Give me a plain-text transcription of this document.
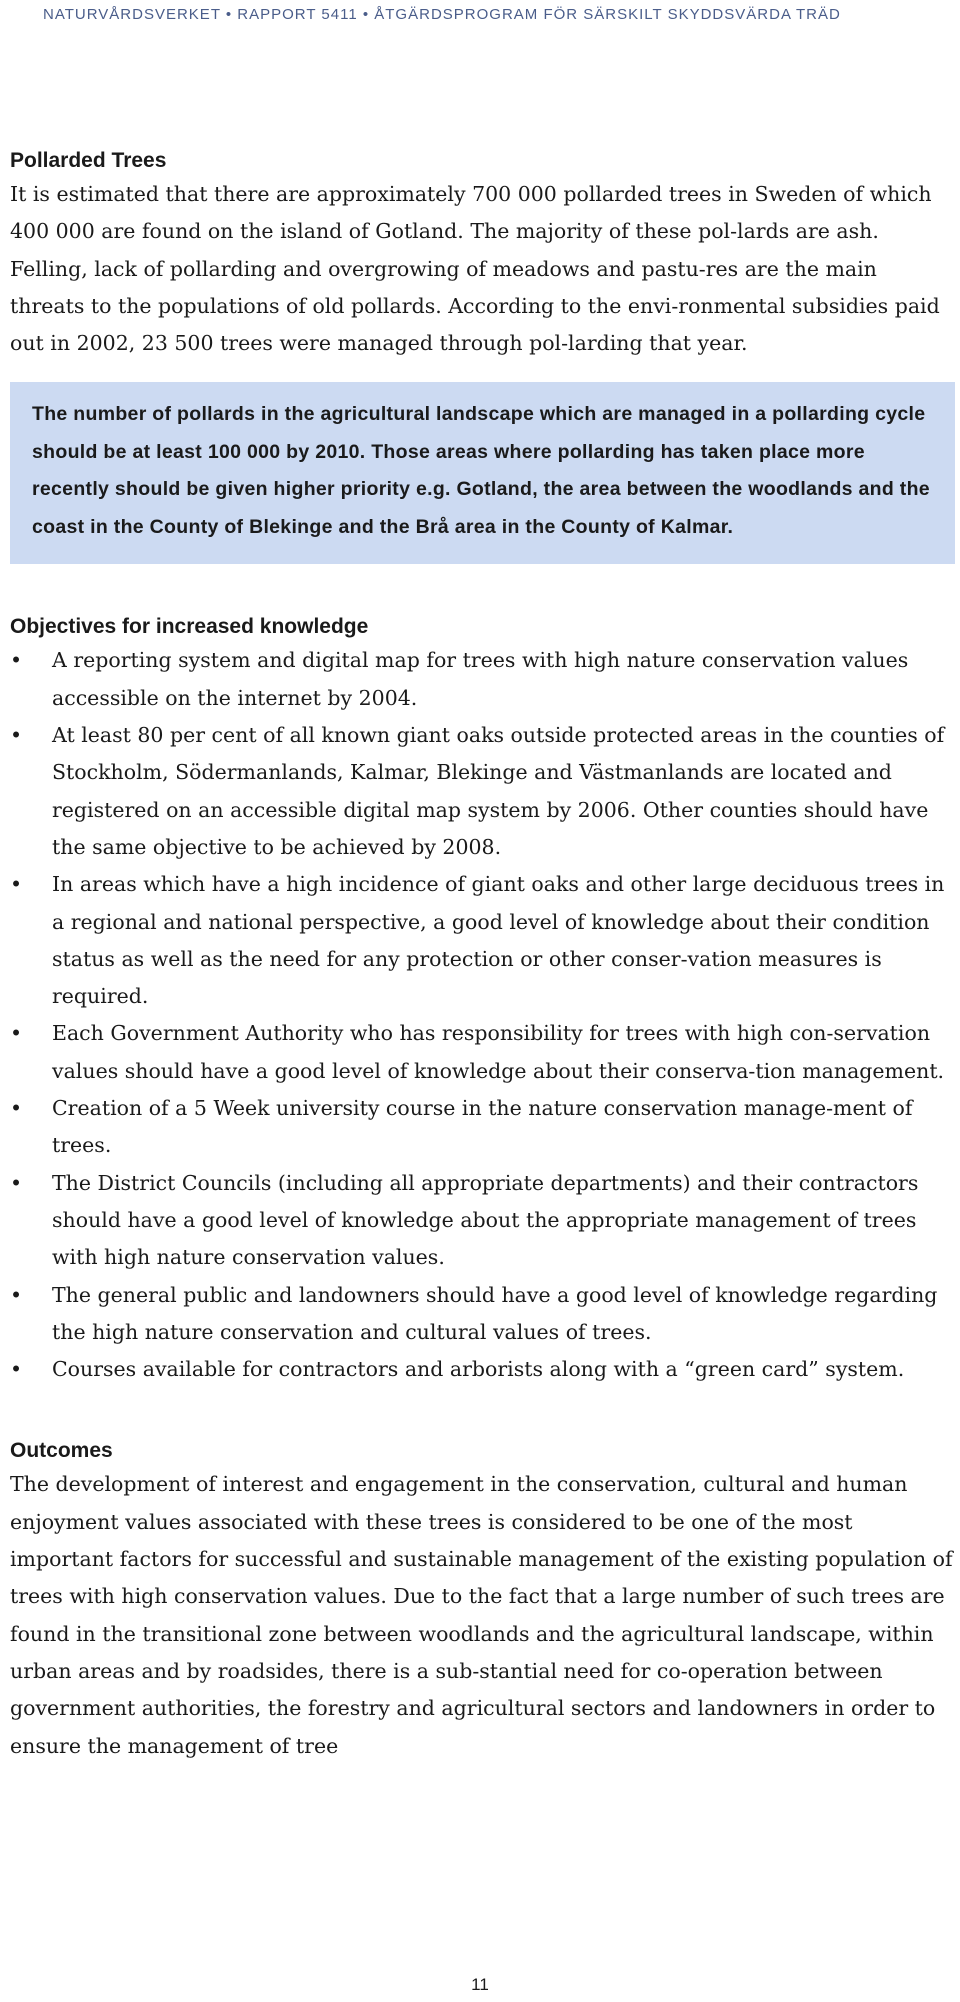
NATURVÅRDSVERKET • RAPPORT 5411 • ÅTGÄRDSPROGRAM FÖR SÄRSKILT SKYDDSVÄRDA TRÄD
Pollarded Trees

It is estimated that there are approximately 700 000 pollarded trees in Sweden of which 400 000 are found on the island of Gotland. The majority of these pol-lards are ash. Felling, lack of pollarding and overgrowing of meadows and pastu-res are the main threats to the populations of old pollards. According to the envi-ronmental subsidies paid out in 2002, 23 500 trees were managed through pol-larding that year.

The number of pollards in the agricultural landscape which are managed in a pollarding cycle should be at least 100 000 by 2010. Those areas where pollarding has taken place more recently should be given higher priority e.g. Gotland, the area between the woodlands and the coast in the County of Blekinge and the Brå area in the County of Kalmar.

Objectives for increased knowledge
• A reporting system and digital map for trees with high nature conservation values accessible on the internet by 2004.
• At least 80 per cent of all known giant oaks outside protected areas in the counties of Stockholm, Södermanlands, Kalmar, Blekinge and Västmanlands are located and registered on an accessible digital map system by 2006. Other counties should have the same objective to be achieved by 2008.
• In areas which have a high incidence of giant oaks and other large deciduous trees in a regional and national perspective, a good level of knowledge about their condition status as well as the need for any protection or other conser-vation measures is required.
• Each Government Authority who has responsibility for trees with high con-servation values should have a good level of knowledge about their conserva-tion management.
• Creation of a 5 Week university course in the nature conservation manage-ment of trees.
• The District Councils (including all appropriate departments) and their contractors should have a good level of knowledge about the appropriate management of trees with high nature conservation values.
• The general public and landowners should have a good level of knowledge regarding the high nature conservation and cultural values of trees.
• Courses available for contractors and arborists along with a “green card” system.
Outcomes

The development of interest and engagement in the conservation, cultural and human enjoyment values associated with these trees is considered to be one of the most important factors for successful and sustainable management of the existing population of trees with high conservation values. Due to the fact that a large number of such trees are found in the transitional zone between woodlands and the agricultural landscape, within urban areas and by roadsides, there is a sub-stantial need for co-operation between government authorities, the forestry and agricultural sectors and landowners in order to ensure the management of tree

11
